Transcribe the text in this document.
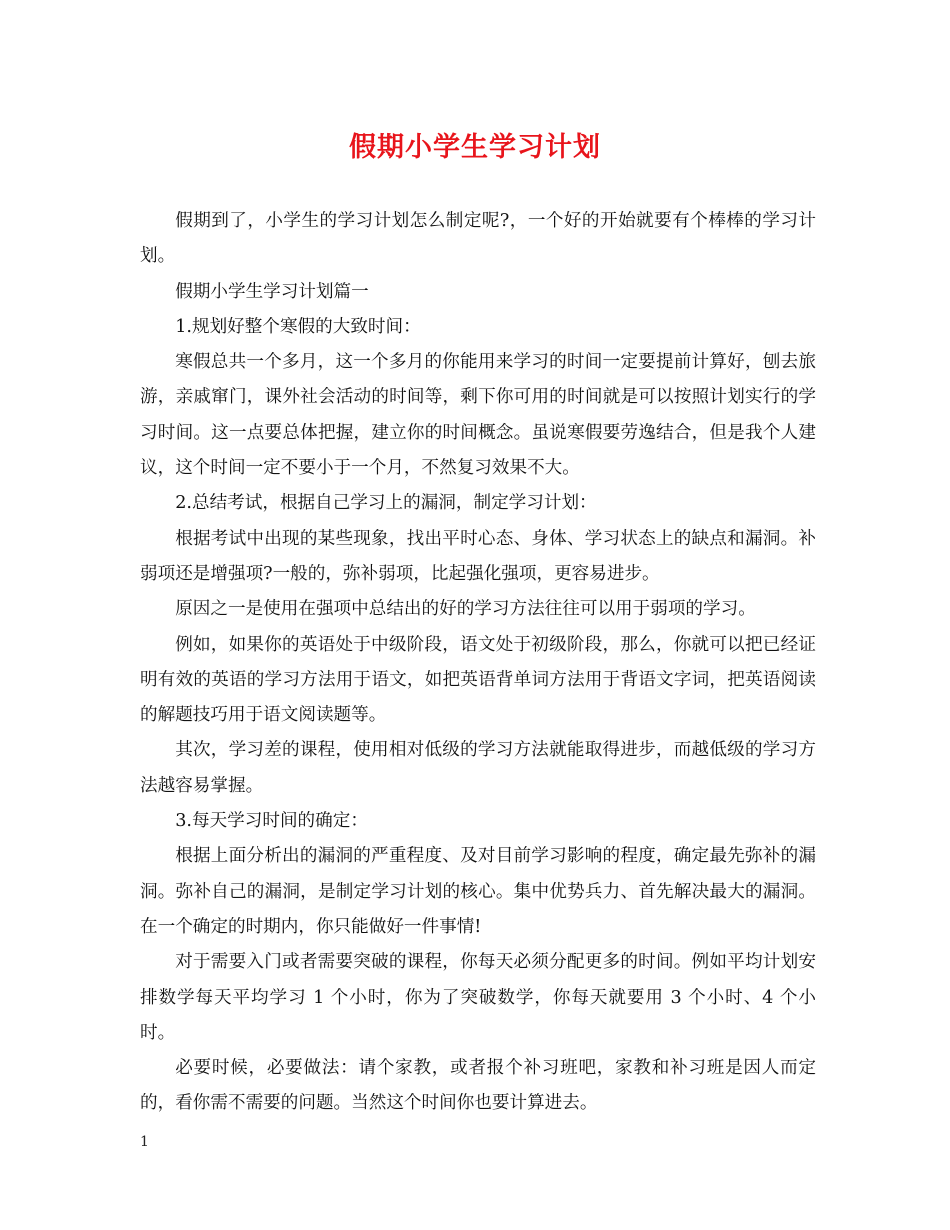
假期小学生学习计划

假期到了，小学生的学习计划怎么制定呢?，一个好的开始就要有个棒棒的学习计划。

假期小学生学习计划篇一

1.规划好整个寒假的大致时间：

寒假总共一个多月，这一个多月的你能用来学习的时间一定要提前计算好，刨去旅游，亲戚窜门，课外社会活动的时间等，剩下你可用的时间就是可以按照计划实行的学习时间。这一点要总体把握，建立你的时间概念。虽说寒假要劳逸结合，但是我个人建议，这个时间一定不要小于一个月，不然复习效果不大。

2.总结考试，根据自己学习上的漏洞，制定学习计划：

根据考试中出现的某些现象，找出平时心态、身体、学习状态上的缺点和漏洞。补弱项还是增强项?一般的，弥补弱项，比起强化强项，更容易进步。

原因之一是使用在强项中总结出的好的学习方法往往可以用于弱项的学习。

例如，如果你的英语处于中级阶段，语文处于初级阶段，那么，你就可以把已经证明有效的英语的学习方法用于语文，如把英语背单词方法用于背语文字词，把英语阅读的解题技巧用于语文阅读题等。

其次，学习差的课程，使用相对低级的学习方法就能取得进步，而越低级的学习方法越容易掌握。

3.每天学习时间的确定：

根据上面分析出的漏洞的严重程度、及对目前学习影响的程度，确定最先弥补的漏洞。弥补自己的漏洞，是制定学习计划的核心。集中优势兵力、首先解决最大的漏洞。在一个确定的时期内，你只能做好一件事情!

对于需要入门或者需要突破的课程，你每天必须分配更多的时间。例如平均计划安排数学每天平均学习 1 个小时，你为了突破数学，你每天就要用 3 个小时、4 个小时。

必要时候，必要做法：请个家教，或者报个补习班吧，家教和补习班是因人而定的，看你需不需要的问题。当然这个时间你也要计算进去。

1
